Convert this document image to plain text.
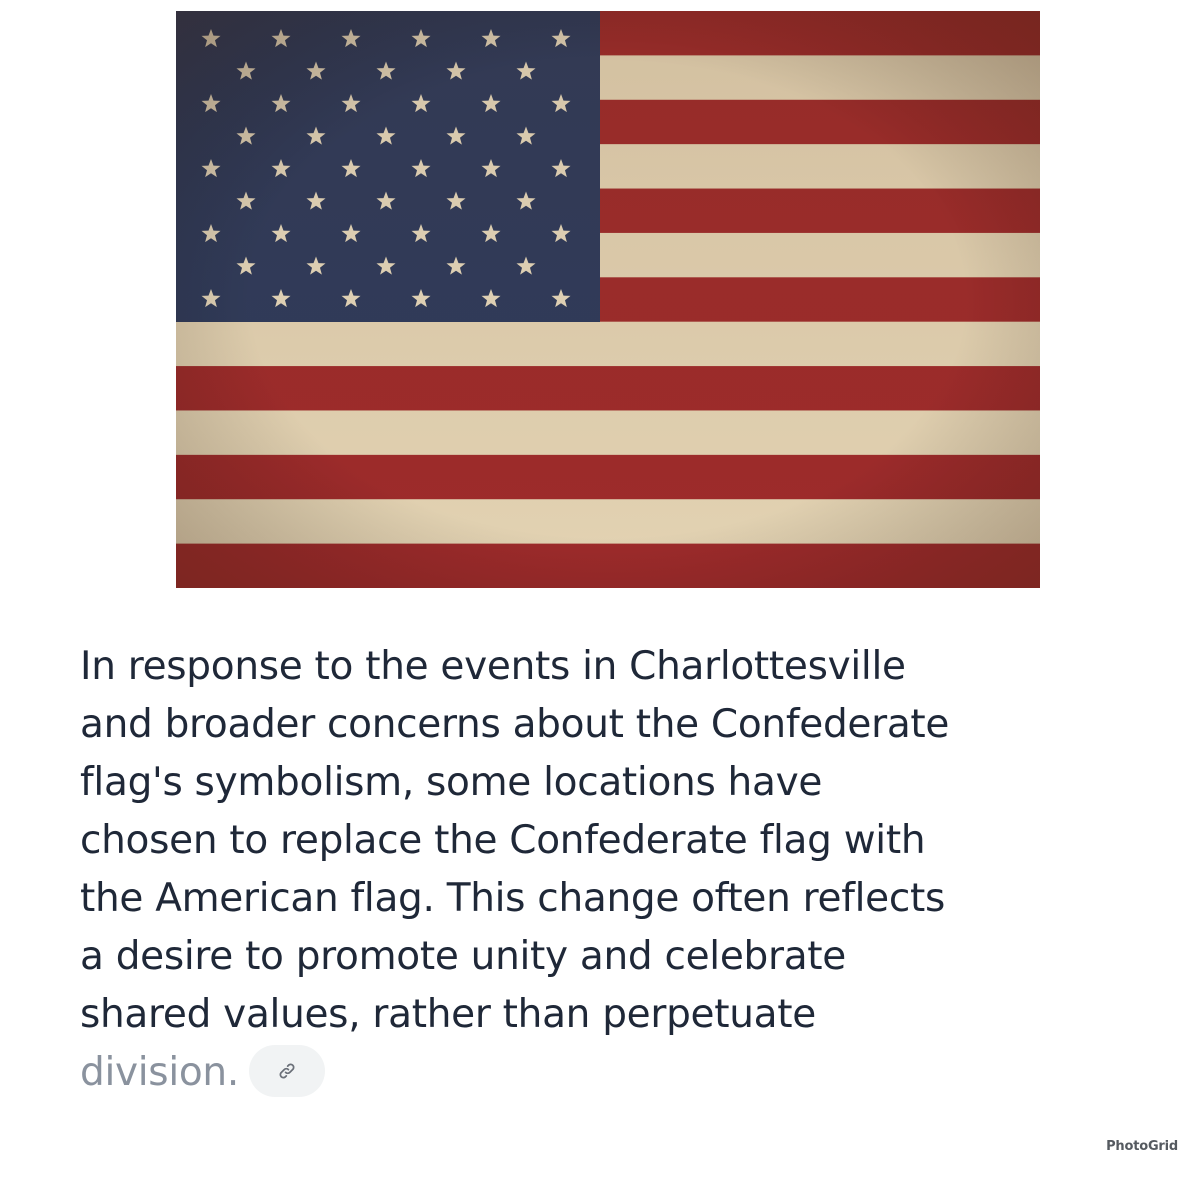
In response to the events in Charlottesville
and broader concerns about the Confederate
flag's symbolism, some locations have
chosen to replace the Confederate flag with
the American flag. This change often reflects
a desire to promote unity and celebrate
shared values, rather than perpetuate
division.
PhotoGrid
